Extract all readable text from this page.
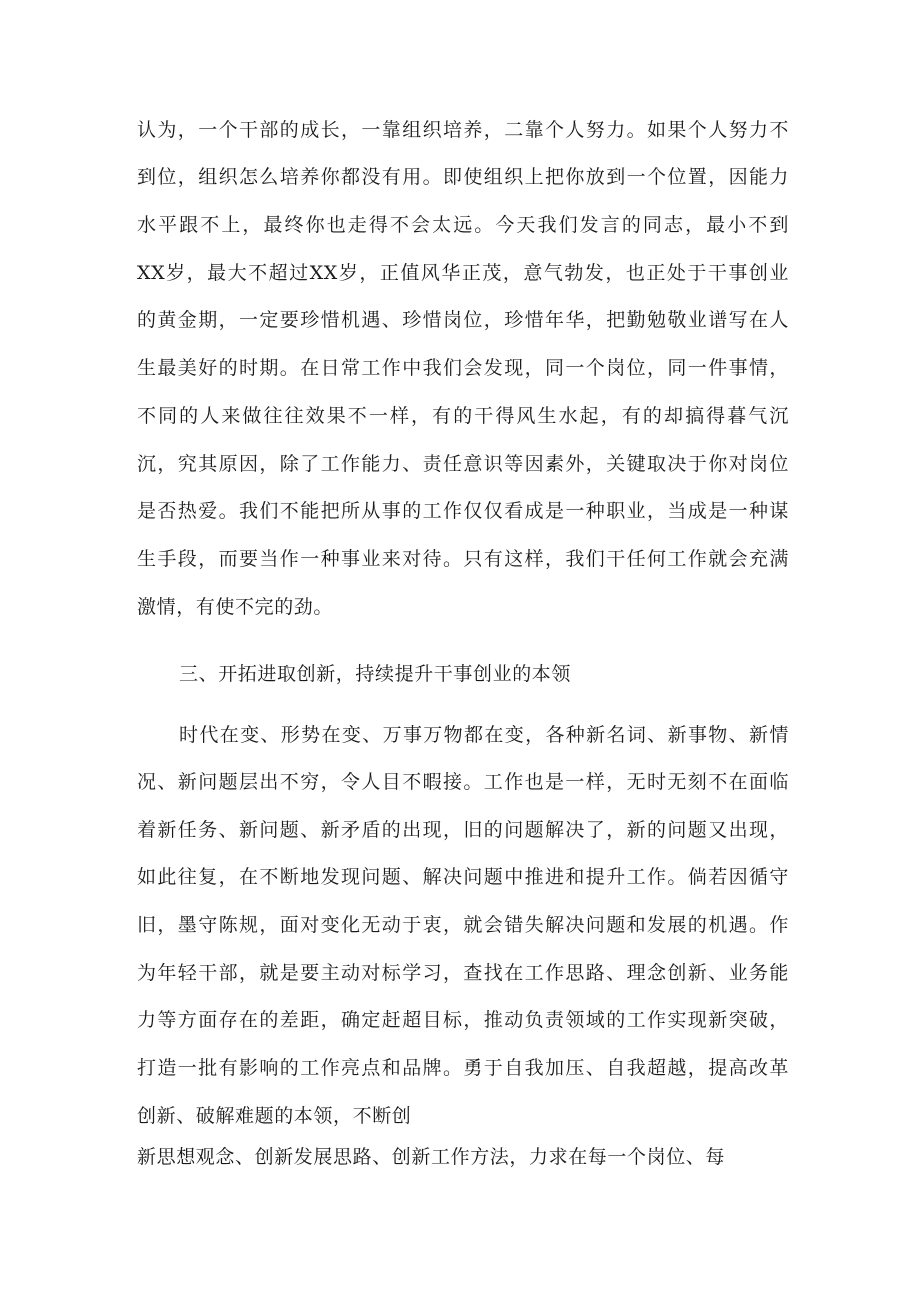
认为，一个干部的成长，一靠组织培养，二靠个人努力。如果个人努力不

到位，组织怎么培养你都没有用。即使组织上把你放到一个位置，因能力

水平跟不上，最终你也走得不会太远。今天我们发言的同志，最小不到

XX岁，最大不超过XX岁，正值风华正茂，意气勃发，也正处于干事创业

的黄金期，一定要珍惜机遇、珍惜岗位，珍惜年华，把勤勉敬业谱写在人

生最美好的时期。在日常工作中我们会发现，同一个岗位，同一件事情，

不同的人来做往往效果不一样，有的干得风生水起，有的却搞得暮气沉

沉，究其原因，除了工作能力、责任意识等因素外，关键取决于你对岗位

是否热爱。我们不能把所从事的工作仅仅看成是一种职业，当成是一种谋

生手段，而要当作一种事业来对待。只有这样，我们干任何工作就会充满

激情，有使不完的劲。

三、开拓进取创新，持续提升干事创业的本领

时代在变、形势在变、万事万物都在变，各种新名词、新事物、新情

况、新问题层出不穷，令人目不暇接。工作也是一样，无时无刻不在面临

着新任务、新问题、新矛盾的出现，旧的问题解决了，新的问题又出现，

如此往复，在不断地发现问题、解决问题中推进和提升工作。倘若因循守

旧，墨守陈规，面对变化无动于衷，就会错失解决问题和发展的机遇。作

为年轻干部，就是要主动对标学习，查找在工作思路、理念创新、业务能

力等方面存在的差距，确定赶超目标，推动负责领域的工作实现新突破，

打造一批有影响的工作亮点和品牌。勇于自我加压、自我超越，提高改革

创新、破解难题的本领，不断创

新思想观念、创新发展思路、创新工作方法，力求在每一个岗位、每
